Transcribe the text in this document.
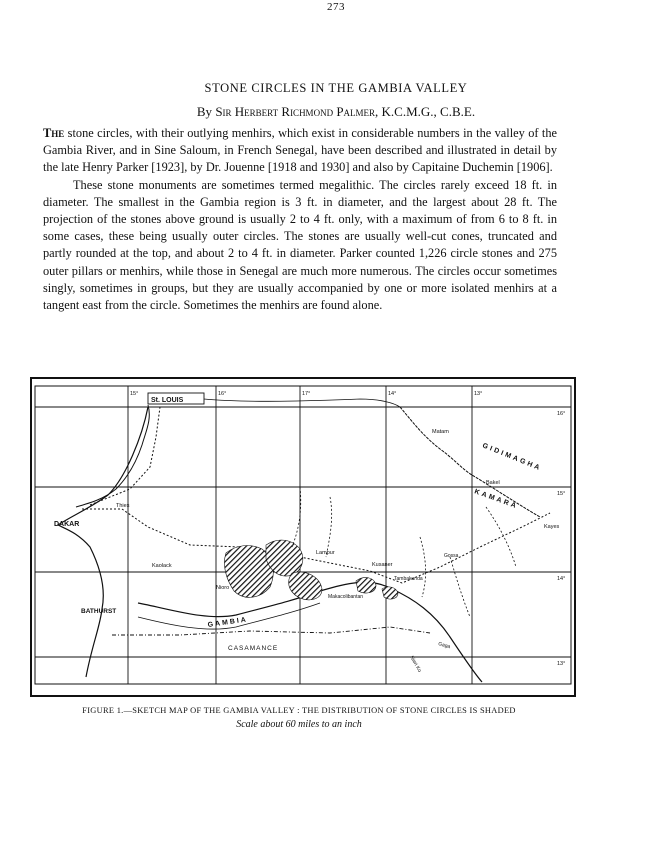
273
STONE CIRCLES IN THE GAMBIA VALLEY
By Sir Herbert Richmond Palmer, K.C.M.G., C.B.E.

The stone circles, with their outlying menhirs, which exist in considerable numbers in the valley of the Gambia River, and in Sine Saloum, in French Senegal, have been described and illustrated in detail by the late Henry Parker [1923], by Dr. Jouenne [1918 and 1930] and also by Capitaine Duchemin [1906].

These stone monuments are sometimes termed megalithic. The circles rarely exceed 18 ft. in diameter. The smallest in the Gambia region is 3 ft. in diameter, and the largest about 28 ft. The projection of the stones above ground is usually 2 to 4 ft. only, with a maximum of from 6 to 8 ft. in some cases, these being usually outer circles. The stones are usually well-cut cones, truncated and partly rounded at the top, and about 2 to 4 ft. in diameter. Parker counted 1,226 circle stones and 275 outer pillars or menhirs, while those in Senegal are much more numerous. The circles occur sometimes singly, sometimes in groups, but they are usually accompanied by one or more isolated menhirs at a tangent east from the circle. Sometimes the menhirs are found alone.

15°	16°	17°	14°	13°
16°
15°
14°
13°
St. LOUIS
DAKAR
Thies
Kaolack
Nioro
BATHURST
GAMBIA
CASAMANCE
Lampur
Kusaner
Tambakunda
Makacolibantan
Matam
Bakel
Kayes
GIDIMAGHA
KAMARA
Nieri Ko
Gaga
Gossa
FIGURE 1.—SKETCH MAP OF THE GAMBIA VALLEY : THE DISTRIBUTION OF STONE CIRCLES IS SHADED
Scale about 60 miles to an inch
